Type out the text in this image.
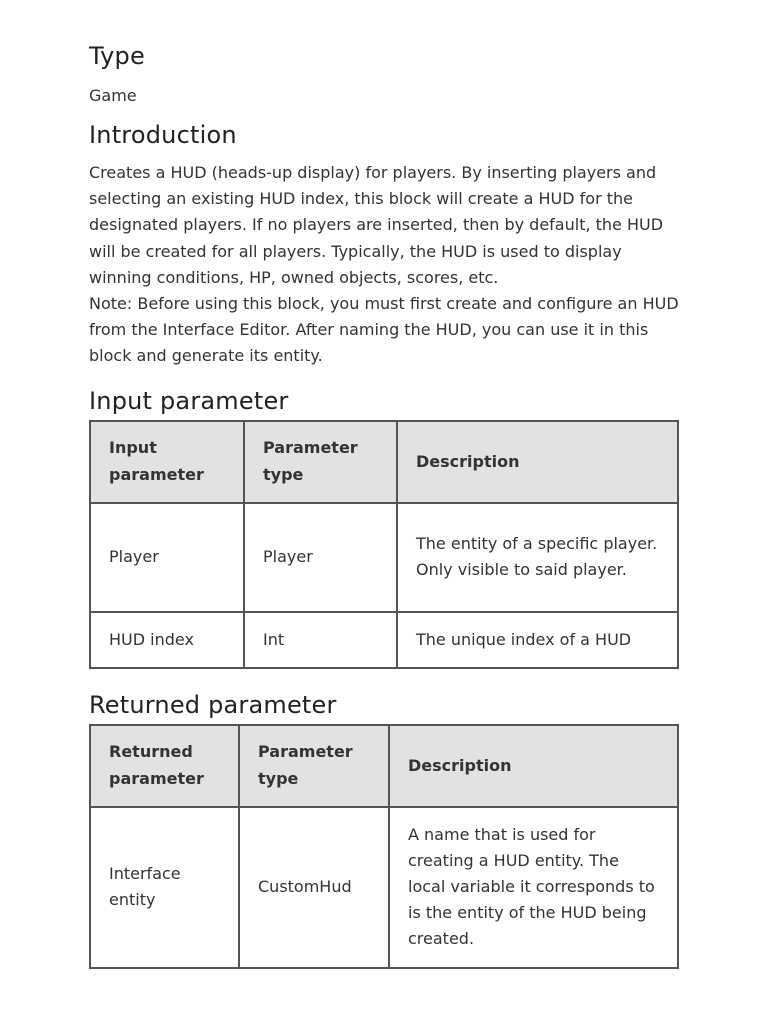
Type

Game

Introduction

Creates a HUD (heads-up display) for players. By inserting players and selecting an existing HUD index, this block will create a HUD for the designated players. If no players are inserted, then by default, the HUD will be created for all players. Typically, the HUD is used to display winning conditions, HP, owned objects, scores, etc.

Note: Before using this block, you must first create and configure an HUD from the Interface Editor. After naming the HUD, you can use it in this block and generate its entity.

Input parameter
Input parameter	Parameter type	Description
Player	Player	The entity of a specific player. Only visible to said player.
HUD index	Int	The unique index of a HUD
Returned parameter
Returned parameter	Parameter type	Description
Interface entity	CustomHud	A name that is used for creating a HUD entity. The local variable it corresponds to is the entity of the HUD being created.
